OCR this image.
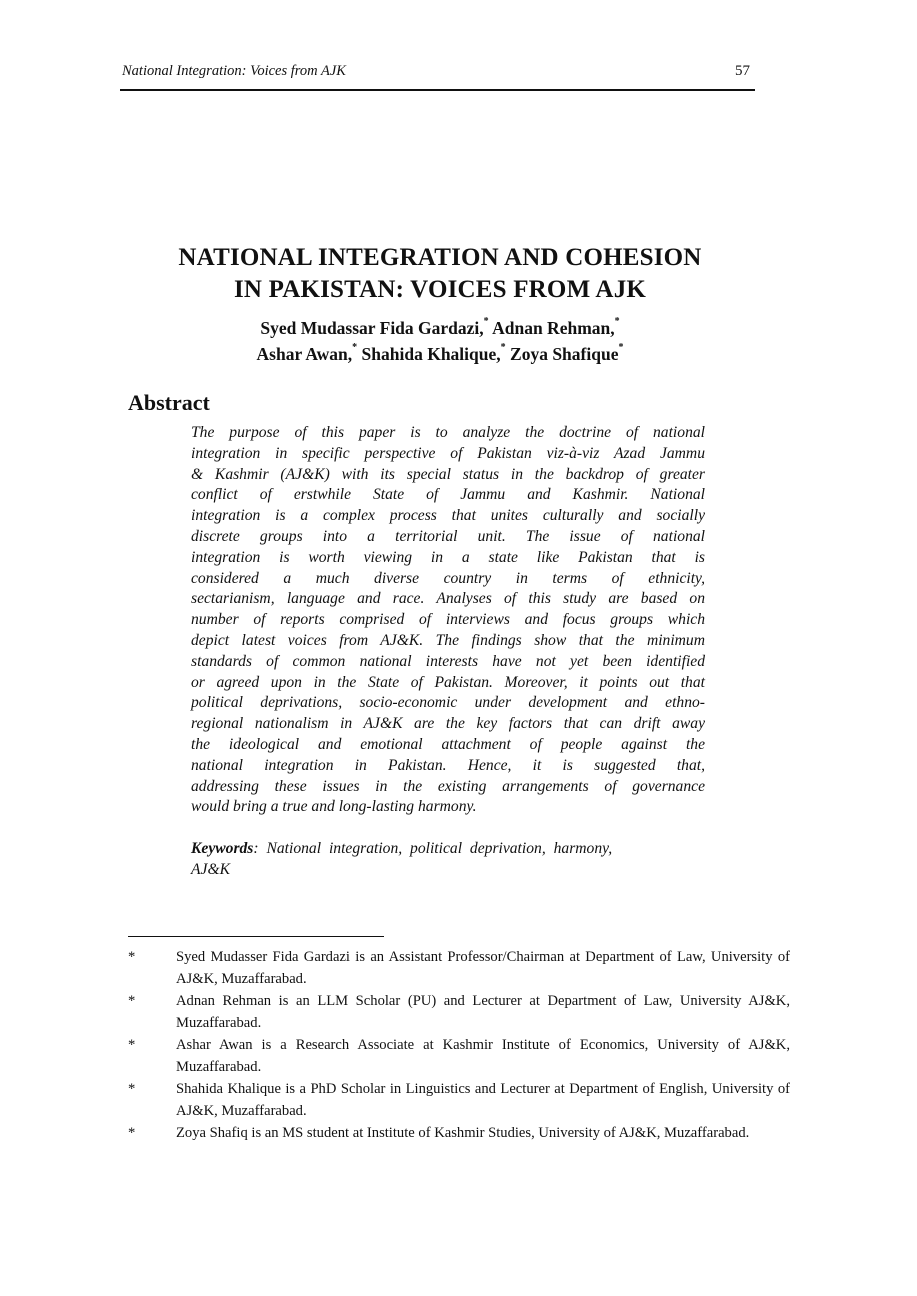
National Integration: Voices from AJK	57
NATIONAL INTEGRATION AND COHESION
IN PAKISTAN: VOICES FROM AJK
Syed Mudassar Fida Gardazi,* Adnan Rehman,*
Ashar Awan,* Shahida Khalique,* Zoya Shafique*
Abstract
The purpose of this paper is to analyze the doctrine of national
integration in specific perspective of Pakistan viz-à-viz Azad Jammu
& Kashmir (AJ&K) with its special status in the backdrop of greater
conflict of erstwhile State of Jammu and Kashmir. National
integration is a complex process that unites culturally and socially
discrete groups into a territorial unit. The issue of national
integration is worth viewing in a state like Pakistan that is
considered a much diverse country in terms of ethnicity,
sectarianism, language and race. Analyses of this study are based on
number of reports comprised of interviews and focus groups which
depict latest voices from AJ&K. The findings show that the minimum
standards of common national interests have not yet been identified
or agreed upon in the State of Pakistan. Moreover, it points out that
political deprivations, socio-economic under development and ethno-
regional nationalism in AJ&K are the key factors that can drift away
the ideological and emotional attachment of people against the
national integration in Pakistan. Hence, it is suggested that,
addressing these issues in the existing arrangements of governance
would bring a true and long-lasting harmony.
Keywords: National integration, political deprivation, harmony,
AJ&K
*	Syed Mudasser Fida Gardazi is an Assistant Professor/Chairman at Department of Law, University of AJ&K, Muzaffarabad.
*	Adnan Rehman is an LLM Scholar (PU) and Lecturer at Department of Law, University AJ&K, Muzaffarabad.
*	Ashar Awan is a Research Associate at Kashmir Institute of Economics, University of AJ&K, Muzaffarabad.
*	Shahida Khalique is a PhD Scholar in Linguistics and Lecturer at Department of English, University of AJ&K, Muzaffarabad.
*	Zoya Shafiq is an MS student at Institute of Kashmir Studies, University of AJ&K, Muzaffarabad.
